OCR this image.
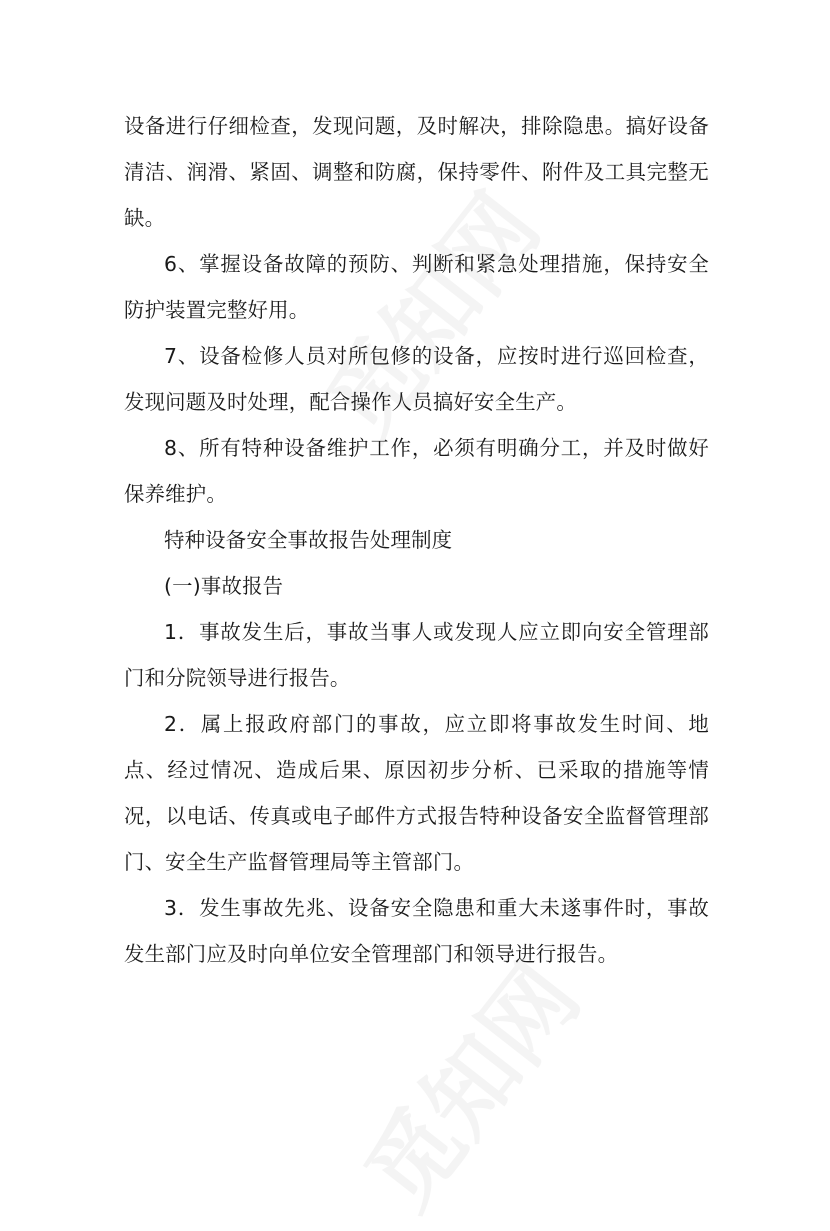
设备进行仔细检查，发现问题，及时解决，排除隐患。搞好设备清洁、润滑、紧固、调整和防腐，保持零件、附件及工具完整无缺。

6、掌握设备故障的预防、判断和紧急处理措施，保持安全防护装置完整好用。

7、设备检修人员对所包修的设备，应按时进行巡回检查，发现问题及时处理，配合操作人员搞好安全生产。

8、所有特种设备维护工作，必须有明确分工，并及时做好保养维护。

特种设备安全事故报告处理制度

(一)事故报告

1．事故发生后，事故当事人或发现人应立即向安全管理部门和分院领导进行报告。

2．属上报政府部门的事故，应立即将事故发生时间、地点、经过情况、造成后果、原因初步分析、已采取的措施等情况，以电话、传真或电子邮件方式报告特种设备安全监督管理部门、安全生产监督管理局等主管部门。

3．发生事故先兆、设备安全隐患和重大未遂事件时，事故发生部门应及时向单位安全管理部门和领导进行报告。
